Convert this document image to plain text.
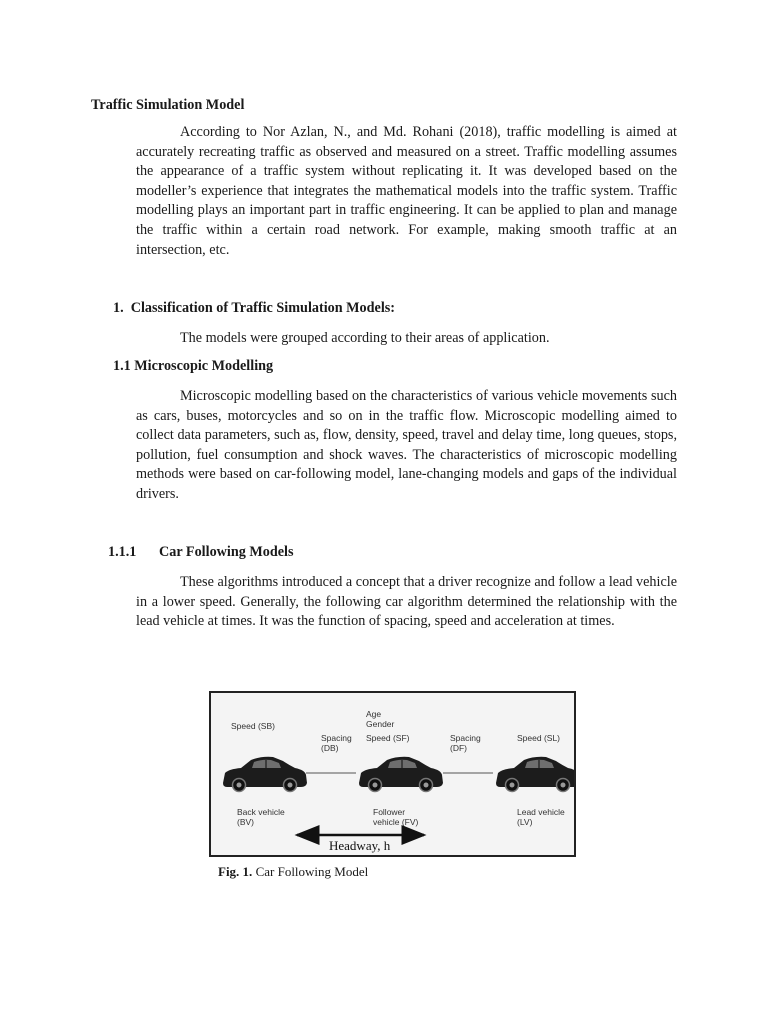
Traffic Simulation Model

According to Nor Azlan, N., and Md. Rohani (2018), traffic modelling is aimed at accurately recreating traffic as observed and measured on a street. Traffic modelling assumes the appearance of a traffic system without replicating it. It was developed based on the modeller’s experience that integrates the mathematical models into the traffic system. Traffic modelling plays an important part in traffic engineering. It can be applied to plan and manage the traffic within a certain road network. For example, making smooth traffic at an intersection, etc.

1. Classification of Traffic Simulation Models:
The models were grouped according to their areas of application.
1.1 Microscopic Modelling

Microscopic modelling based on the characteristics of various vehicle movements such as cars, buses, motorcycles and so on in the traffic flow. Microscopic modelling aimed to collect data parameters, such as, flow, density, speed, travel and delay time, long queues, stops, pollution, fuel consumption and shock waves. The characteristics of microscopic modelling methods were based on car-following model, lane-changing models and gaps of the individual drivers.

1.1.1 Car Following Models

These algorithms introduced a concept that a driver recognize and follow a lead vehicle in a lower speed. Generally, the following car algorithm determined the relationship with the lead vehicle at times. It was the function of spacing, speed and acceleration at times.

Speed (SB)
Spacing
(DB)
Age
Gender
Speed (SF)	Spacing
(DF)
Speed (SL)
Back vehicle
(BV)
Follower
vehicle (FV)
Lead vehicle
(LV)
Headway, h
Fig. 1. Car Following Model
